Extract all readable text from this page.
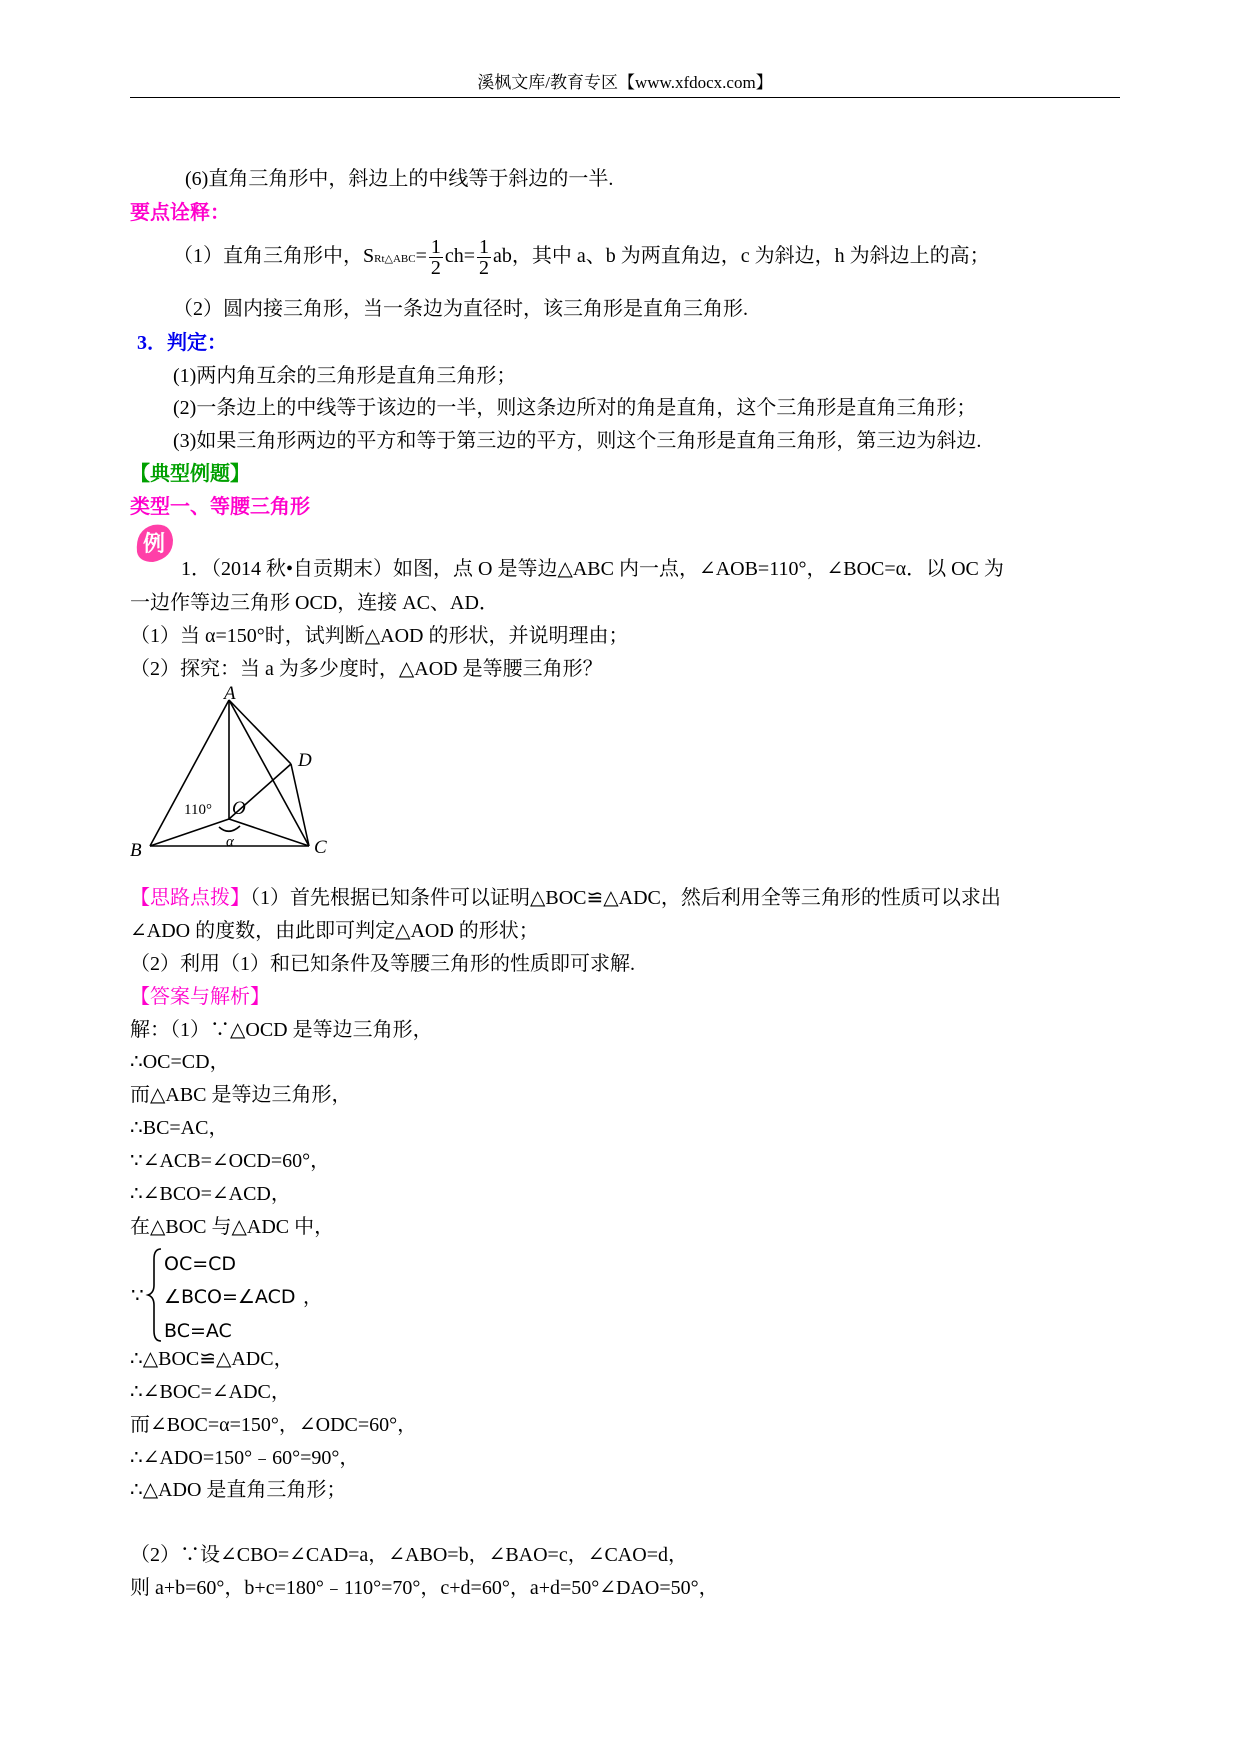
溪枫文库/教育专区【www.xfdocx.com】
(6)直角三角形中，斜边上的中线等于斜边的一半.
要点诠释：
（1）直角三角形中，SRt△ABC= $\frac{1}{2} ch= \frac{1}{2}$ ab，其中 a、b 为两直角边，c 为斜边，h 为斜边上的高；
（2）圆内接三角形，当一条边为直径时，该三角形是直角三角形.
3．判定：
(1)两内角互余的三角形是直角三角形；
(2)一条边上的中线等于该边的一半，则这条边所对的角是直角，这个三角形是直角三角形；
(3)如果三角形两边的平方和等于第三边的平方，则这个三角形是直角三角形，第三边为斜边.
【典型例题】
类型一、等腰三角形
例
1．（2014 秋•自贡期末）如图，点 O 是等边△ABC 内一点，∠AOB=110°，∠BOC=α．以 OC 为
一边作等边三角形 OCD，连接 AC、AD．
（1）当 α=150°时，试判断△AOD 的形状，并说明理由；
（2）探究：当 a 为多少度时，△AOD 是等腰三角形？
A
B	C
D
O
α
110°
【思路点拨】（1）首先根据已知条件可以证明△BOC≌△ADC，然后利用全等三角形的性质可以求出
∠ADO 的度数，由此即可判定△AOD 的形状；
（2）利用（1）和已知条件及等腰三角形的性质即可求解.
【答案与解析】
解：（1）∵△OCD 是等边三角形，
∴OC=CD，
而△ABC 是等边三角形，
∴BC=AC，
∵∠ACB=∠OCD=60°，
∴∠BCO=∠ACD，
在△BOC 与△ADC 中，
∵
OC=CD
∠BCO=∠ACD
BC=AC
，
∴△BOC≌△ADC，
∴∠BOC=∠ADC，
而∠BOC=α=150°，∠ODC=60°，
∴∠ADO=150°﹣60°=90°，
∴△ADO 是直角三角形；
（2）∵设∠CBO=∠CAD=a，∠ABO=b，∠BAO=c，∠CAO=d，
则 a+b=60°，b+c=180°﹣110°=70°，c+d=60°，a+d=50°∠DAO=50°，
